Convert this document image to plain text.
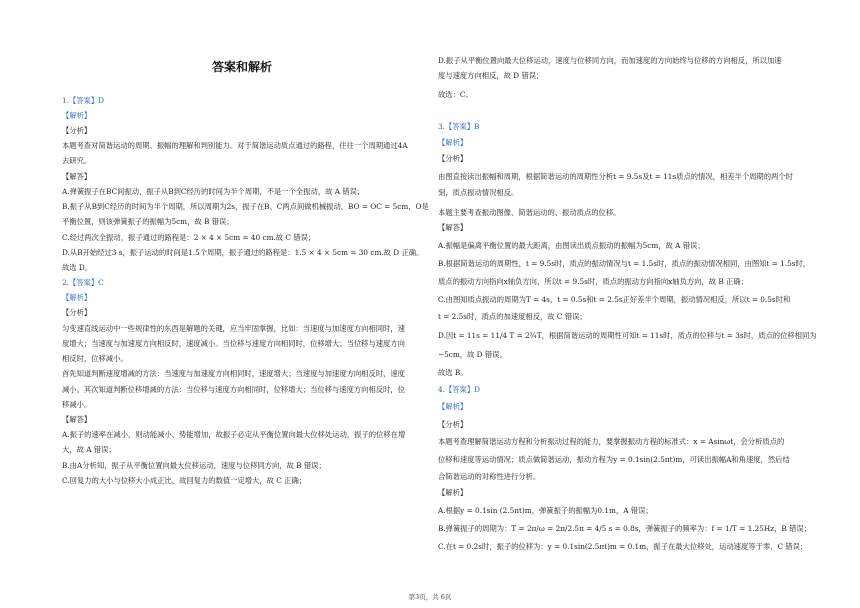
答案和解析
1.【答案】D
【解析】
【分析】
本题考查对简谐运动的周期、振幅的理解和判别能力。对于简谐运动质点通过的路程，往往一个周期通过4A
去研究。
【解答】
A.弹簧振子在BC间振动，振子从B到C经历的时间为半个周期，不是一个全振动，故 A 错误；
B.振子从B到C经历的时间为半个周期，所以周期为2s，振子在B、C两点间做机械振动，BO = OC = 5cm，O是
平衡位置，则该弹簧振子的振幅为5cm，故 B 错误；
C.经过两次全振动，振子通过的路程是：2 × 4 × 5cm = 40 cm.故 C 错误；
D.从B开始经过3 s，振子运动的时间是1.5个周期，振子通过的路程是：1.5 × 4 × 5cm = 30 cm.故 D 正确。
故选 D。
2.【答案】C
【解析】
【分析】
匀变速直线运动中一些规律性的东西是解题的关键，应当牢固掌握，比如：当速度与加速度方向相同时，速
度增大；当速度与加速度方向相反时，速度减小。当位移与速度方向相同时，位移增大；当位移与速度方向
相反时，位移减小。
首先知道判断速度增减的方法：当速度与加速度方向相同时，速度增大；当速度与加速度方向相反时，速度
减小。其次知道判断位移增减的方法：当位移与速度方向相同时，位移增大；当位移与速度方向相反时，位
移减小。
【解答】
A.振子的速率在减小，则动能减小、势能增加，故振子必定从平衡位置向最大位移处运动，振子的位移在增
大，故 A 错误；
B.由A分析知，振子从平衡位置向最大位移运动，速度与位移同方向，故 B 错误；
C.回复力的大小与位移大小成正比，故回复力的数值一定增大，故 C 正确；
D.振子从平衡位置向最大位移运动，速度与位移同方向，而加速度的方向始终与位移的方向相反，所以加速
度与速度方向相反，故 D 错误；
故选：C。
3.【答案】B
【解析】
【分析】
由图直接读出振幅和周期，根据简谐运动的周期性分析t = 9.5s及t = 11s质点的情况，相差半个周期的两个时
刻，质点振动情况相反。
本题主要考查振动图像、简谐运动的、振动质点的位移。
【解答】
A.振幅是偏离平衡位置的最大距离，由图读出质点振动的振幅为5cm，故 A 错误；
B.根据简谐运动的周期性，t = 9.5s时，质点的振动情况与t = 1.5s时，质点的振动情况相同，由图知t = 1.5s时，
质点的振动方向指向x轴负方向，所以t = 9.5s时，质点的振动方向指向x轴负方向，故 B 正确；
C.由图知质点振动的周期为T = 4s，t = 0.5s和t = 2.5s正好差半个周期，振动情况相反，所以t = 0.5s时和
t = 2.5s时，质点的加速度相反，故 C 错误；
D.因t = 11s = 11/4 T = 2¾T，根据简谐运动的周期性可知t = 11s时，质点的位移与t = 3s时，质点的位移相同为
−5cm，故 D 错误。
故选 B。
4.【答案】D
【解析】
【分析】
本题考查理解简谐运动方程和分析振动过程的能力，要掌握振动方程的标准式：x = Asinωt，会分析质点的
位移和速度等运动情况；质点做简谐运动，振动方程为y = 0.1sin(2.5πt)m，可读出振幅A和角速度，然后结
合简谐运动的对称性进行分析。
【解析】
A.根据y = 0.1sin (2.5πt)m，弹簧振子的振幅为0.1m，A 错误；
B.弹簧振子的周期为：T = 2π/ω = 2π/2.5π = 4/5 s = 0.8s，弹簧振子的频率为：f = 1/T = 1.25Hz，B 错误；
C.在t = 0.2s时，振子的位移为：y = 0.1sin(2.5πt)m = 0.1m，振子在最大位移处，运动速度等于零，C 错误；
第3页，共 6页
